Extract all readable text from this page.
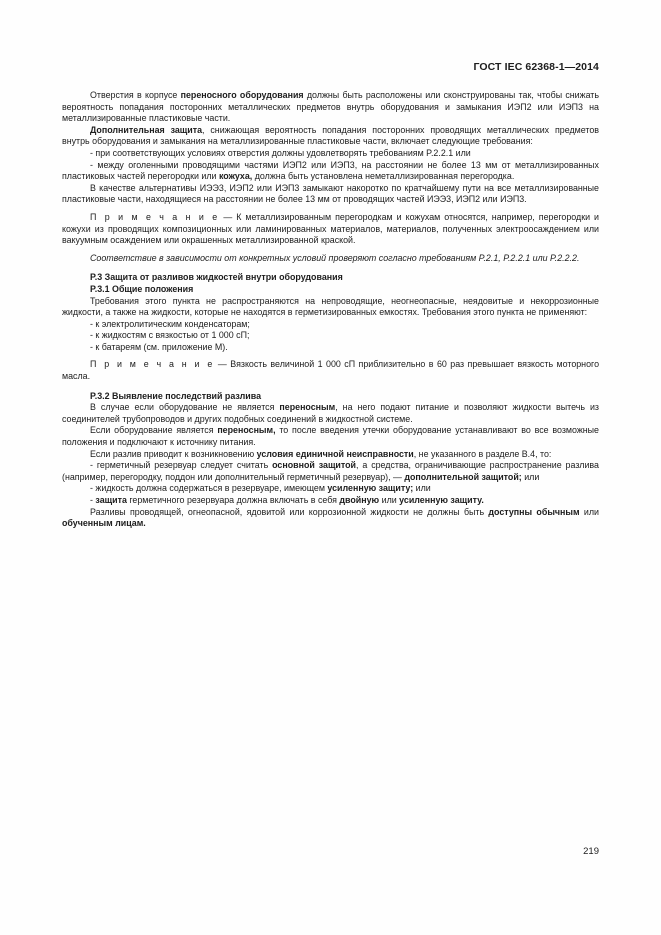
ГОСТ IEC 62368-1—2014

Отверстия в корпусе переносного оборудования должны быть расположены или сконструированы так, чтобы снижать вероятность попадания посторонних металлических предметов внутрь оборудования и замыкания ИЭП2 или ИЭП3 на металлизированные пластиковые части.

Дополнительная защита, снижающая вероятность попадания посторонних проводящих металлических предметов внутрь оборудования и замыкания на металлизированные пластиковые части, включает следующие требования:

- при соответствующих условиях отверстия должны удовлетворять требованиям P.2.2.1 или

- между оголенными проводящими частями ИЭП2 или ИЭП3, на расстоянии не более 13 мм от металлизированных пластиковых частей перегородки или кожуха, должна быть установлена неметаллизированная перегородка.

В качестве альтернативы ИЭЭ3, ИЭП2 или ИЭП3 замыкают накоротко по кратчайшему пути на все металлизированные пластиковые части, находящиеся на расстоянии не более 13 мм от проводящих частей ИЭЭ3, ИЭП2 или ИЭП3.

П р и м е ч а н и е — К металлизированным перегородкам и кожухам относятся, например, перегородки и кожухи из проводящих композиционных или ламинированных материалов, материалов, полученных электроосаждением или вакуумным осаждением или окрашенных металлизированной краской.

Соответствие в зависимости от конкретных условий проверяют согласно требованиям P.2.1, P.2.2.1 или P.2.2.2.

P.3 Защита от разливов жидкостей внутри оборудования

P.3.1 Общие положения

Требования этого пункта не распространяются на непроводящие, неогнеопасные, неядовитые и некоррозионные жидкости, а также на жидкости, которые не находятся в герметизированных емкостях. Требования этого пункта не применяют:

- к электролитическим конденсаторам;

- к жидкостям с вязкостью от 1 000 сП;

- к батареям (см. приложение M).

П р и м е ч а н и е — Вязкость величиной 1 000 сП приблизительно в 60 раз превышает вязкость моторного масла.

P.3.2 Выявление последствий разлива

В случае если оборудование не является переносным, на него подают питание и позволяют жидкости вытечь из соединителей трубопроводов и других подобных соединений в жидкостной системе.

Если оборудование является переносным, то после введения утечки оборудование устанавливают во все возможные положения и подключают к источнику питания.

Если разлив приводит к возникновению условия единичной неисправности, не указанного в разделе B.4, то:

- герметичный резервуар следует считать основной защитой, а средства, ограничивающие распространение разлива (например, перегородку, поддон или дополнительный герметичный резервуар), — дополнительной защитой; или

- жидкость должна содержаться в резервуаре, имеющем усиленную защиту; или

- защита герметичного резервуара должна включать в себя двойную или усиленную защиту.

Разливы проводящей, огнеопасной, ядовитой или коррозионной жидкости не должны быть доступны обычным или обученным лицам.

219
